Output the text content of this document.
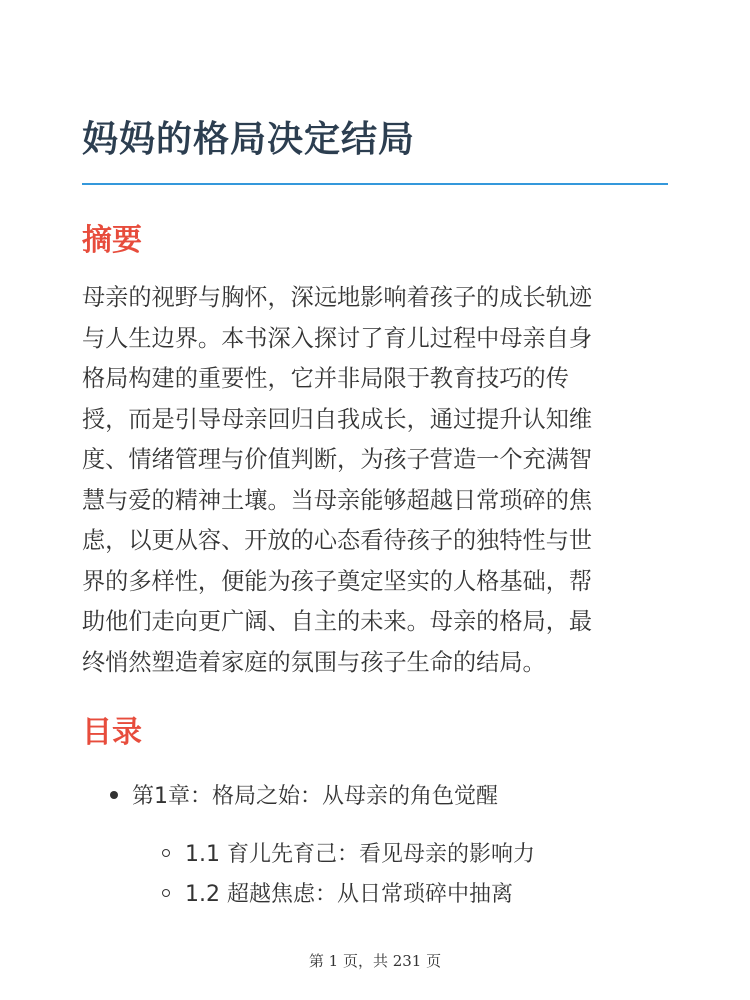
妈妈的格局决定结局
摘要
母亲的视野与胸怀，深远地影响着孩子的成长轨迹
与人生边界。本书深入探讨了育儿过程中母亲自身
格局构建的重要性，它并非局限于教育技巧的传
授，而是引导母亲回归自我成长，通过提升认知维
度、情绪管理与价值判断，为孩子营造一个充满智
慧与爱的精神土壤。当母亲能够超越日常琐碎的焦
虑，以更从容、开放的心态看待孩子的独特性与世
界的多样性，便能为孩子奠定坚实的人格基础，帮
助他们走向更广阔、自主的未来。母亲的格局，最
终悄然塑造着家庭的氛围与孩子生命的结局。
目录
第1章：格局之始：从母亲的角色觉醒
1.1 育儿先育己：看见母亲的影响力
1.2 超越焦虑：从日常琐碎中抽离
第 1 页，共 231 页
